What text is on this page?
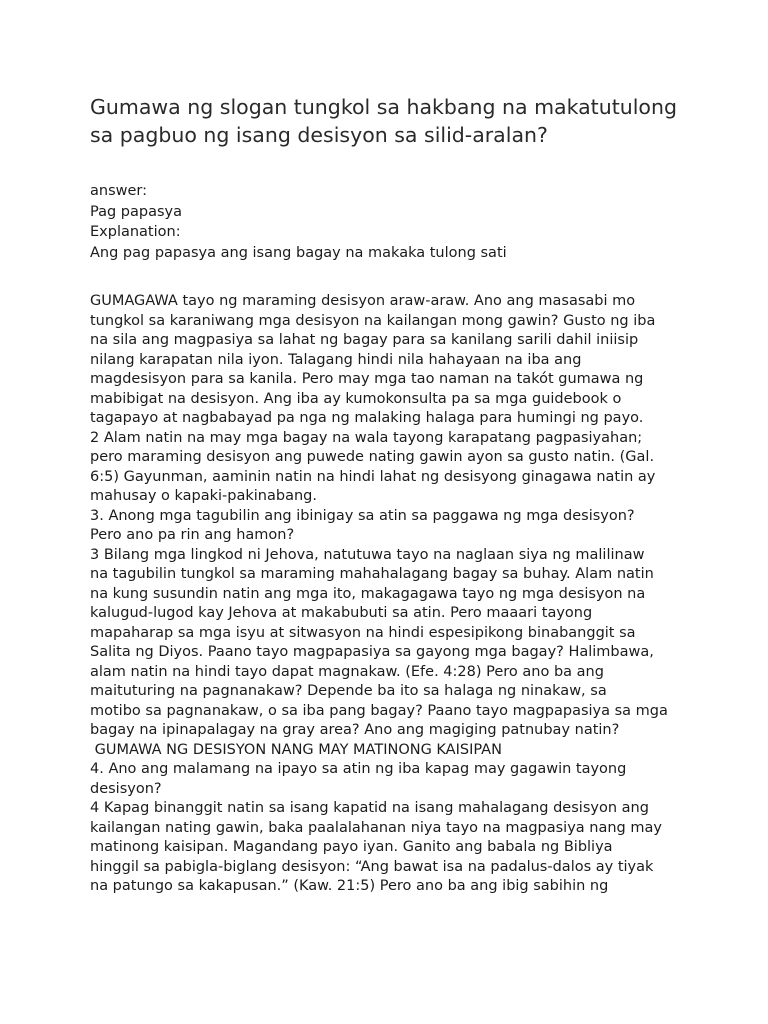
Gumawa ng slogan tungkol sa hakbang na makatutulong
sa pagbuo ng isang desisyon sa silid-aralan?
answer:
Pag papasya
Explanation:
Ang pag papasya ang isang bagay na makaka tulong sati
GUMAGAWA tayo ng maraming desisyon araw-araw. Ano ang masasabi mo
tungkol sa karaniwang mga desisyon na kailangan mong gawin? Gusto ng iba
na sila ang magpasiya sa lahat ng bagay para sa kanilang sarili dahil iniisip
nilang karapatan nila iyon. Talagang hindi nila hahayaan na iba ang
magdesisyon para sa kanila. Pero may mga tao naman na takót gumawa ng
mabibigat na desisyon. Ang iba ay kumokonsulta pa sa mga guidebook o
tagapayo at nagbabayad pa nga ng malaking halaga para humingi ng payo.
2 Alam natin na may mga bagay na wala tayong karapatang pagpasiyahan;
pero maraming desisyon ang puwede nating gawin ayon sa gusto natin. (Gal.
6:5) Gayunman, aaminin natin na hindi lahat ng desisyong ginagawa natin ay
mahusay o kapaki-pakinabang.
3. Anong mga tagubilin ang ibinigay sa atin sa paggawa ng mga desisyon?
Pero ano pa rin ang hamon?
3 Bilang mga lingkod ni Jehova, natutuwa tayo na naglaan siya ng malilinaw
na tagubilin tungkol sa maraming mahahalagang bagay sa buhay. Alam natin
na kung susundin natin ang mga ito, makagagawa tayo ng mga desisyon na
kalugud-lugod kay Jehova at makabubuti sa atin. Pero maaari tayong
mapaharap sa mga isyu at sitwasyon na hindi espesipikong binabanggit sa
Salita ng Diyos. Paano tayo magpapasiya sa gayong mga bagay? Halimbawa,
alam natin na hindi tayo dapat magnakaw. (Efe. 4:28) Pero ano ba ang
maituturing na pagnanakaw? Depende ba ito sa halaga ng ninakaw, sa
motibo sa pagnanakaw, o sa iba pang bagay? Paano tayo magpapasiya sa mga
bagay na ipinapalagay na gray area? Ano ang magiging patnubay natin?
GUMAWA NG DESISYON NANG MAY MATINONG KAISIPAN
4. Ano ang malamang na ipayo sa atin ng iba kapag may gagawin tayong
desisyon?
4 Kapag binanggit natin sa isang kapatid na isang mahalagang desisyon ang
kailangan nating gawin, baka paalalahanan niya tayo na magpasiya nang may
matinong kaisipan. Magandang payo iyan. Ganito ang babala ng Bibliya
hinggil sa pabigla-biglang desisyon: “Ang bawat isa na padalus-dalos ay tiyak
na patungo sa kakapusan.” (Kaw. 21:5) Pero ano ba ang ibig sabihin ng
